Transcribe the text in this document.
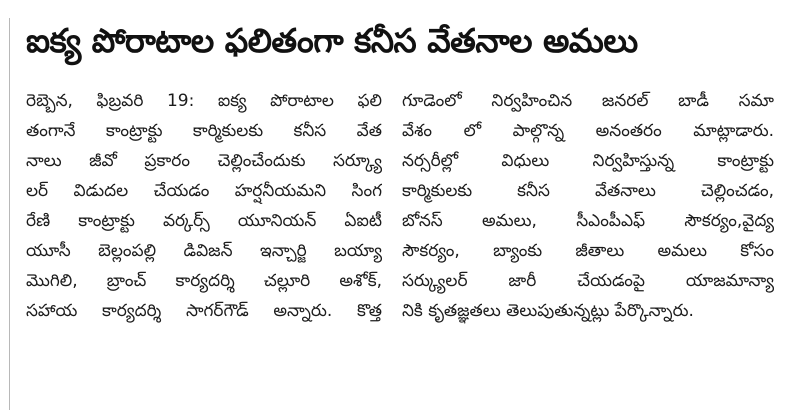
ఐక్య పోరాటాల ఫలితంగా కనీస వేతనాల అమలు
రెబ్బెన, ఫిబ్రవరి 19: ఐక్య పోరాటాల ఫలి
తంగానే కాంట్రాక్టు కార్మికులకు కనీస వేత
నాలు జీవో ప్రకారం చెల్లించేందుకు సర్క్యూ
లర్ విడుదల చేయడం హర్షనీయమని సింగ
రేణి కాంట్రాక్టు వర్కర్స్ యూనియన్ ఏఐటీ
యూసీ బెల్లంపల్లి డివిజన్ ఇన్చార్జి బయ్యా
మొగిలి, బ్రాంచ్ కార్యదర్శి చల్లూరి అశోక్,
సహాయ కార్యదర్శి సాగర్‌గౌడ్ అన్నారు. కొత్త
గూడెంలో నిర్వహించిన జనరల్ బాడీ సమా
వేశం లో పాల్గొన్న అనంతరం మాట్లాడారు.
నర్సరీల్లో విధులు నిర్వహిస్తున్న కాంట్రాక్టు
కార్మికులకు కనీస వేతనాలు చెల్లించడం,
బోనస్ అమలు, సీఎంపీఎఫ్ సౌకర్యం,వైద్య
సౌకర్యం, బ్యాంకు జీతాలు అమలు కోసం
సర్క్యులర్ జారీ చేయడంపై యాజమాన్యా
నికి కృతజ్ఞతలు తెలుపుతున్నట్లు పేర్కొన్నారు.
